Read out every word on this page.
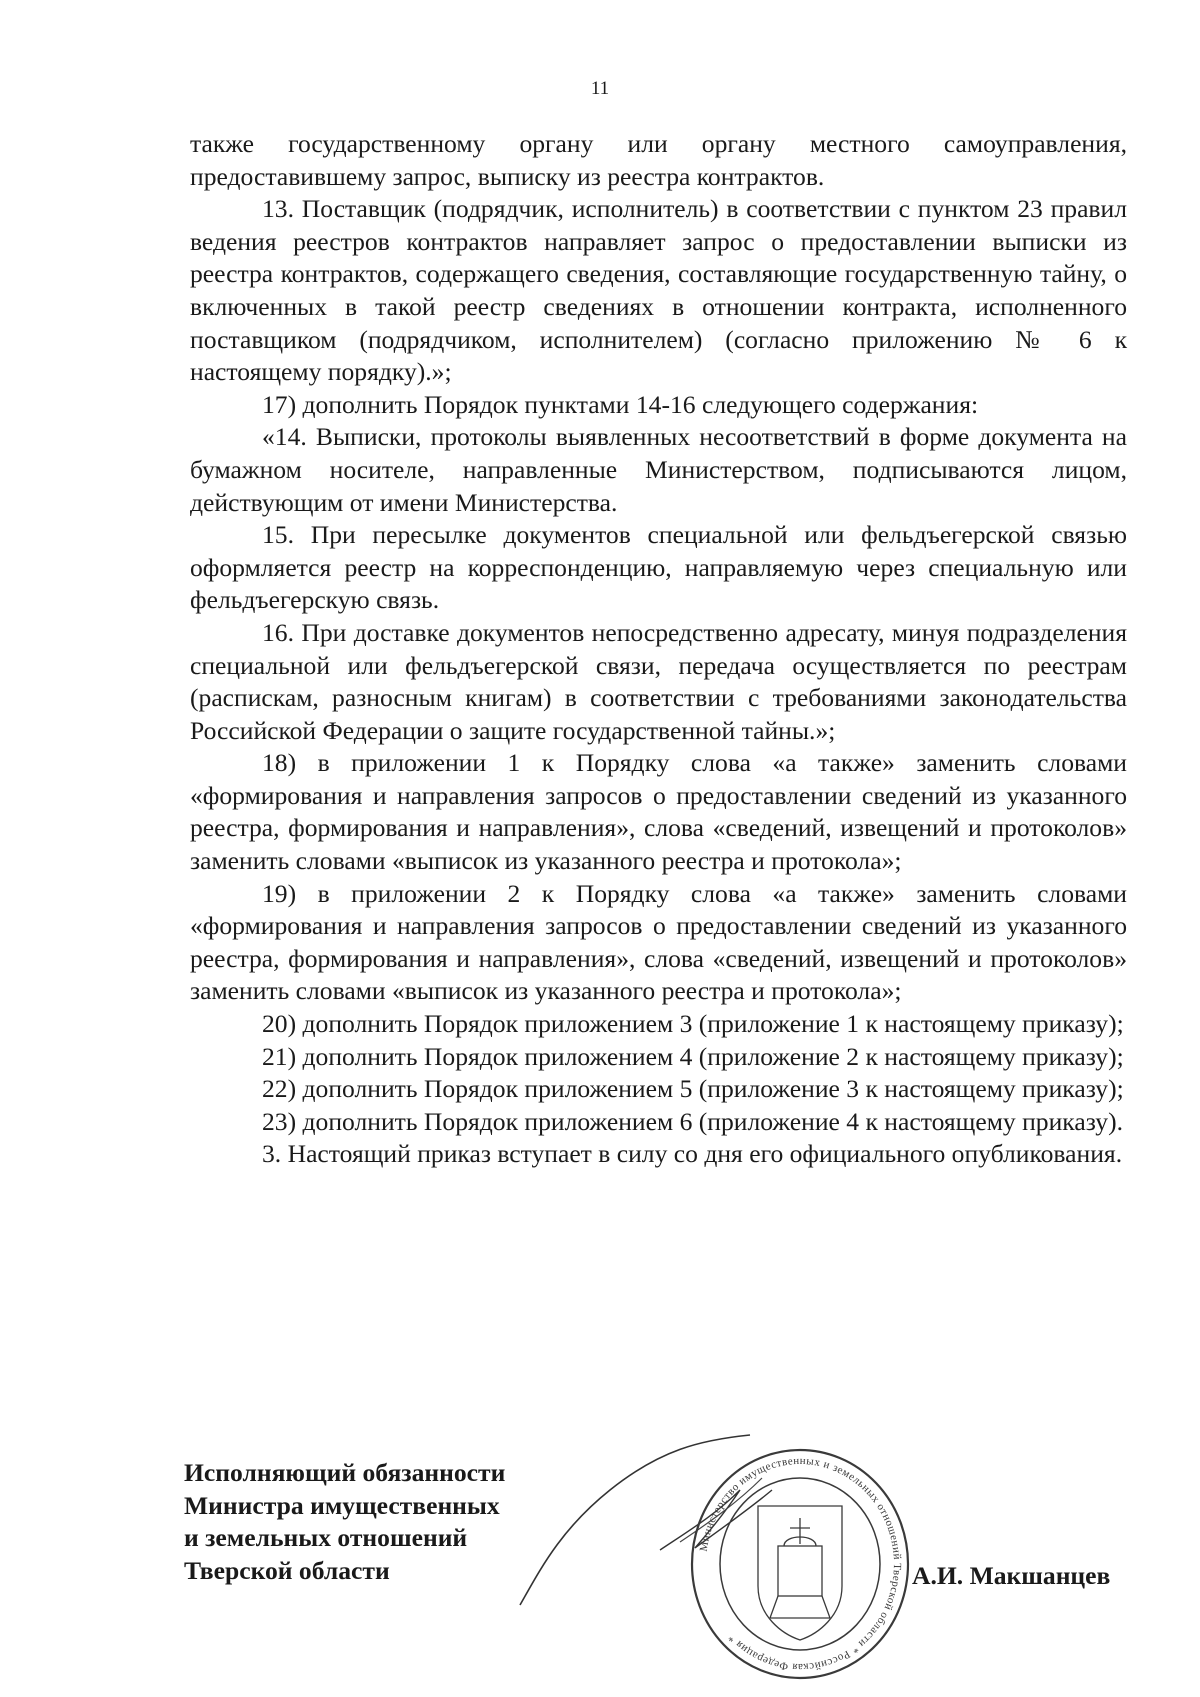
11

также государственному органу или органу местного самоуправления, предоставившему запрос, выписку из реестра контрактов.

13. Поставщик (подрядчик, исполнитель) в соответствии с пунктом 23 правил ведения реестров контрактов направляет запрос о предоставлении выписки из реестра контрактов, содержащего сведения, составляющие государственную тайну, о включенных в такой реестр сведениях в отношении контракта, исполненного поставщиком (подрядчиком, исполнителем) (согласно приложению № 6 к настоящему порядку).»;

17) дополнить Порядок пунктами 14-16 следующего содержания:

«14. Выписки, протоколы выявленных несоответствий в форме документа на бумажном носителе, направленные Министерством, подписываются лицом, действующим от имени Министерства.

15. При пересылке документов специальной или фельдъегерской связью оформляется реестр на корреспонденцию, направляемую через специальную или фельдъегерскую связь.

16. При доставке документов непосредственно адресату, минуя подразделения специальной или фельдъегерской связи, передача осуществляется по реестрам (распискам, разносным книгам) в соответствии с требованиями законодательства Российской Федерации о защите государственной тайны.»;

18) в приложении 1 к Порядку слова «а также» заменить словами «формирования и направления запросов о предоставлении сведений из указанного реестра, формирования и направления», слова «сведений, извещений и протоколов» заменить словами «выписок из указанного реестра и протокола»;

19) в приложении 2 к Порядку слова «а также» заменить словами «формирования и направления запросов о предоставлении сведений из указанного реестра, формирования и направления», слова «сведений, извещений и протоколов» заменить словами «выписок из указанного реестра и протокола»;

20) дополнить Порядок приложением 3 (приложение 1 к настоящему приказу);

21) дополнить Порядок приложением 4 (приложение 2 к настоящему приказу);

22) дополнить Порядок приложением 5 (приложение 3 к настоящему приказу);

23) дополнить Порядок приложением 6 (приложение 4 к настоящему приказу).

3. Настоящий приказ вступает в силу со дня его официального опубликования.

Исполняющий обязанности
Министра имущественных
и земельных отношений
Тверской области
Министерство имущественных и земельных отношений Тверской области * Российская Федерация *
А.И. Макшанцев
